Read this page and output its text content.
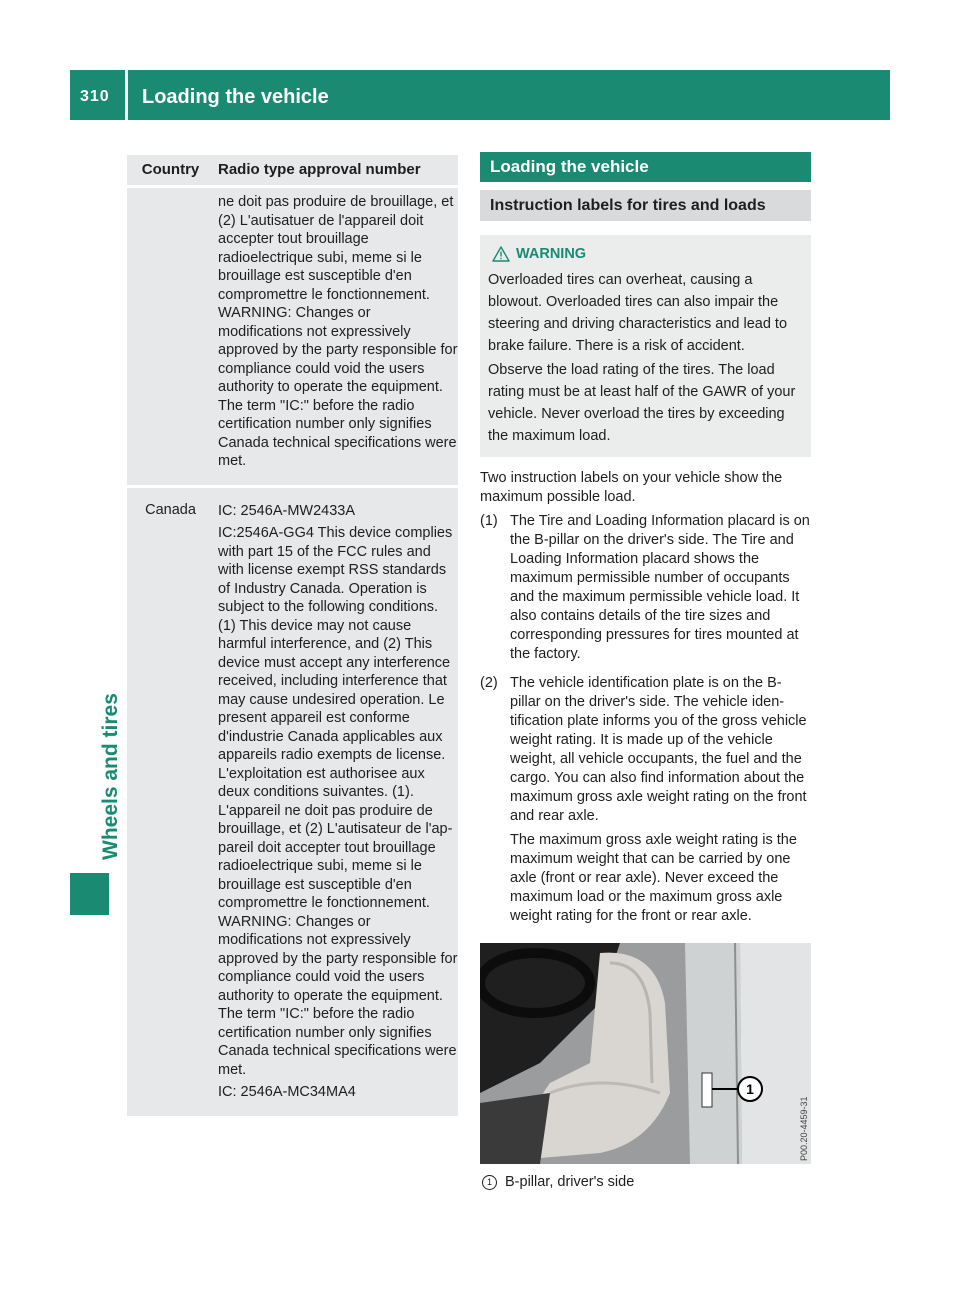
310 Loading the vehicle
Wheels and tires
Country	Radio type approval number
ne doit pas produire de brouillage, et (2) L'autisatuer de l'appareil doit accepter tout brouillage radioelectrique subi, meme si le brouillage est susceptible d'en compromettre le fonctionnement. WARNING: Changes or modifications not expressively approved by the party responsible for compliance could void the users authority to operate the equipment. The term "IC:" before the radio certification number only signifies Canada technical specifications were met.
Canada	IC: 2546A-MW2433A
IC:2546A-GG4 This device complies with part 15 of the FCC rules and with license exempt RSS standards of Industry Canada. Operation is subject to the following conditions. (1) This device may not cause harmful interference, and (2) This device must accept any interference received, including interference that may cause undesired operation. Le present appareil est conforme d'industrie Canada applicables aux appareils radio exempts de license. L'exploitation est authorisee aux deux conditions suivantes. (1). L'appareil ne doit pas produire de brouillage, et (2) L'autisateur de l'appareil doit accepter tout brouillage radioelectrique subi, meme si le brouillage est susceptible d'en compromettre le fonctionnement. WARNING: Changes or modifications not expressively approved by the party responsible for compliance could void the users authority to operate the equipment. The term "IC:" before the radio certification number only signifies Canada technical specifications were met.
IC: 2546A-MC34MA4
Loading the vehicle
Instruction labels for tires and loads
WARNING

Overloaded tires can overheat, causing a blowout. Overloaded tires can also impair the steering and driving characteristics and lead to brake failure. There is a risk of accident.

Observe the load rating of the tires. The load rating must be at least half of the GAWR of your vehicle. Never overload the tires by exceeding the maximum load.

Two instruction labels on your vehicle show the maximum possible load.

(1) The Tire and Loading Information placard is on the B-pillar on the driver's side. The Tire and Loading Information placard shows the maximum permissible number of occupants and the maximum permissible vehicle load. It also contains details of the tire sizes and corresponding pressures for tires mounted at the factory.

(2) The vehicle identification plate is on the B-pillar on the driver's side. The vehicle identification plate informs you of the gross vehicle weight rating. It is made up of the vehicle weight, all vehicle occupants, the fuel and the cargo. You can also find information about the maximum gross axle weight rating on the front and rear axle.

The maximum gross axle weight rating is the maximum weight that can be carried by one axle (front or rear axle). Never exceed the maximum load or the maximum gross axle weight rating for the front or rear axle.

1
P00.20-4459-31
1 B-pillar, driver's side
